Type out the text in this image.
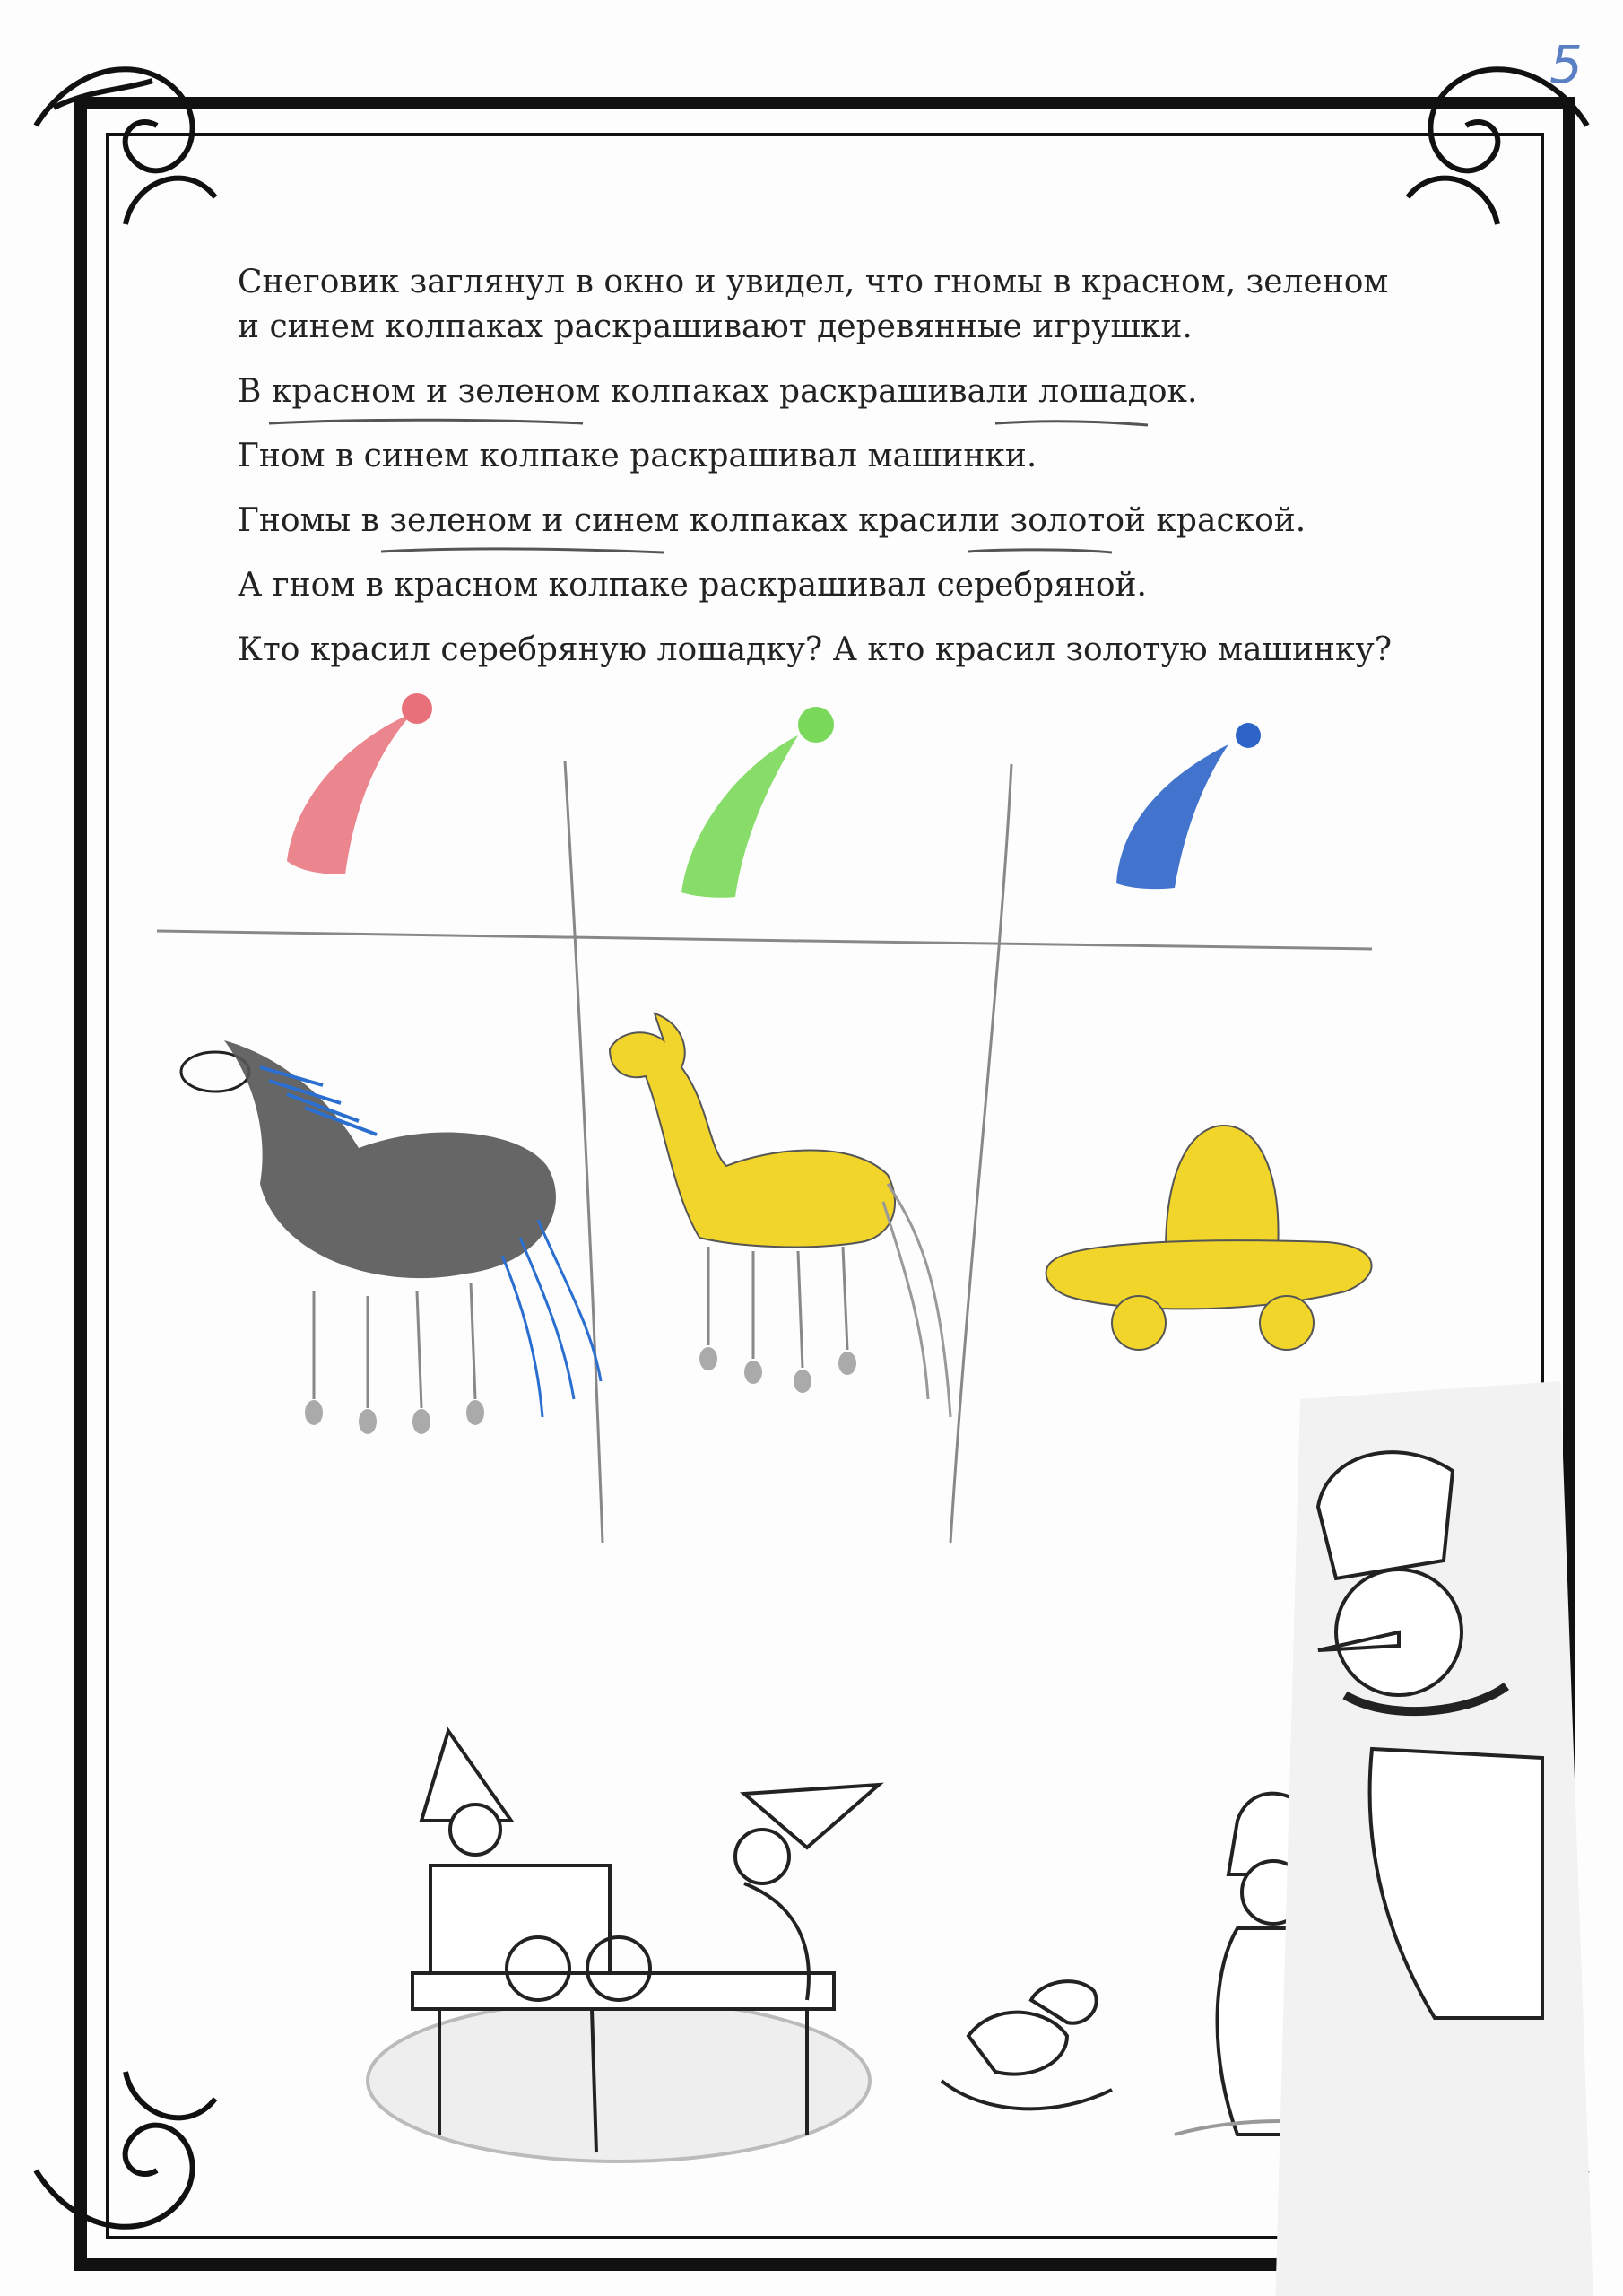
5

Снеговик заглянул в окно и увидел, что гномы в красном, зеленом и синем колпаках раскрашивают деревянные игрушки.

В красном и зеленом колпаках раскрашивали лошадок.

Гном в синем колпаке раскрашивал машинки.

Гномы в зеленом и синем колпаках красили золотой краской.

А гном в красном колпаке раскрашивал серебряной.

Кто красил серебряную лошадку? А кто красил золотую машинку?
